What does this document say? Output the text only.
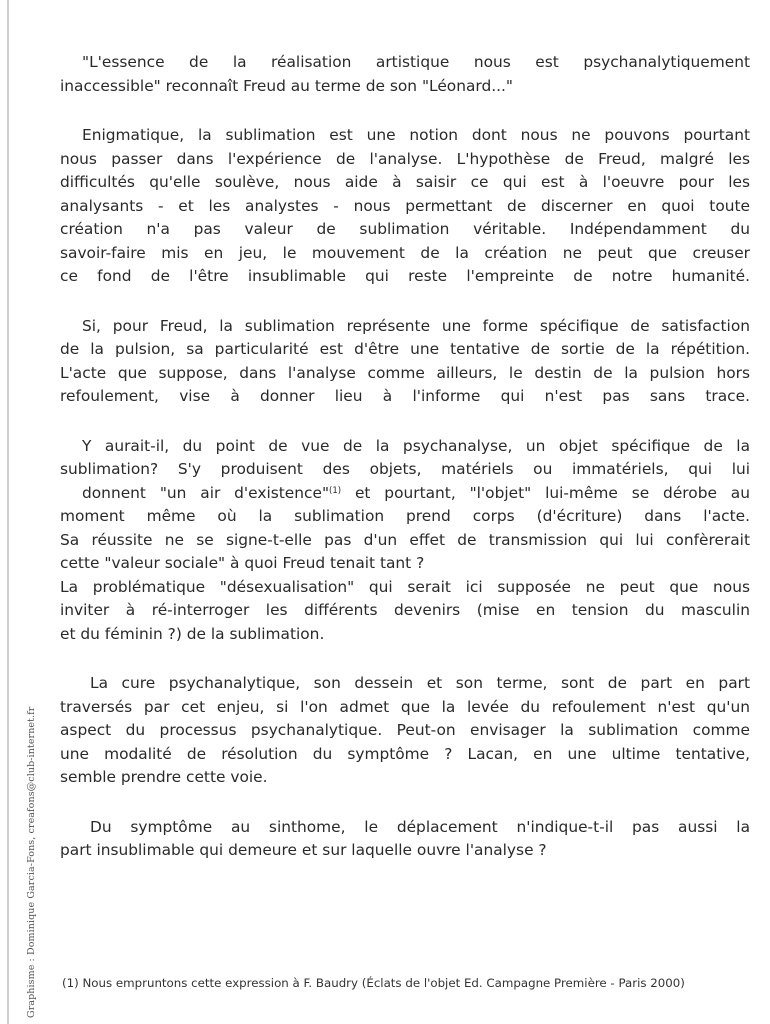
Graphisme : Dominique Garcia-Fons, creafons@club-internet.fr

"L'essence de la réalisation artistique nous est psychanalytiquement
inaccessible" reconnaît Freud au terme de son "Léonard..."

Enigmatique, la sublimation est une notion dont nous ne pouvons pourtant
nous passer dans l'expérience de l'analyse. L'hypothèse de Freud, malgré les
difficultés qu'elle soulève, nous aide à saisir ce qui est à l'oeuvre pour les
analysants - et les analystes - nous permettant de discerner en quoi toute
création n'a pas valeur de sublimation véritable. Indépendamment du
savoir-faire mis en jeu, le mouvement de la création ne peut que creuser
ce fond de l'être insublimable qui reste l'empreinte de notre humanité.

Si, pour Freud, la sublimation représente une forme spécifique de satisfaction
de la pulsion, sa particularité est d'être une tentative de sortie de la répétition.
L'acte que suppose, dans l'analyse comme ailleurs, le destin de la pulsion hors
refoulement, vise à donner lieu à l'informe qui n'est pas sans trace.

Y aurait-il, du point de vue de la psychanalyse, un objet spécifique de la
sublimation? S'y produisent des objets, matériels ou immatériels, qui lui
donnent "un air d'existence"$^{(1)}$ et pourtant, "l'objet" lui-même se dérobe au
moment même où la sublimation prend corps (d'écriture) dans l'acte.
Sa réussite ne se signe-t-elle pas d'un effet de transmission qui lui confèrerait
cette "valeur sociale" à quoi Freud tenait tant ?
La problématique "désexualisation" qui serait ici supposée ne peut que nous
inviter à ré-interroger les différents devenirs (mise en tension du masculin
et du féminin ?) de la sublimation.

La cure psychanalytique, son dessein et son terme, sont de part en part
traversés par cet enjeu, si l'on admet que la levée du refoulement n'est qu'un
aspect du processus psychanalytique. Peut-on envisager la sublimation comme
une modalité de résolution du symptôme ? Lacan, en une ultime tentative,
semble prendre cette voie.

Du symptôme au sinthome, le déplacement n'indique-t-il pas aussi la
part insublimable qui demeure et sur laquelle ouvre l'analyse ?

(1) Nous empruntons cette expression à F. Baudry (Éclats de l'objet Ed. Campagne Première - Paris 2000)
